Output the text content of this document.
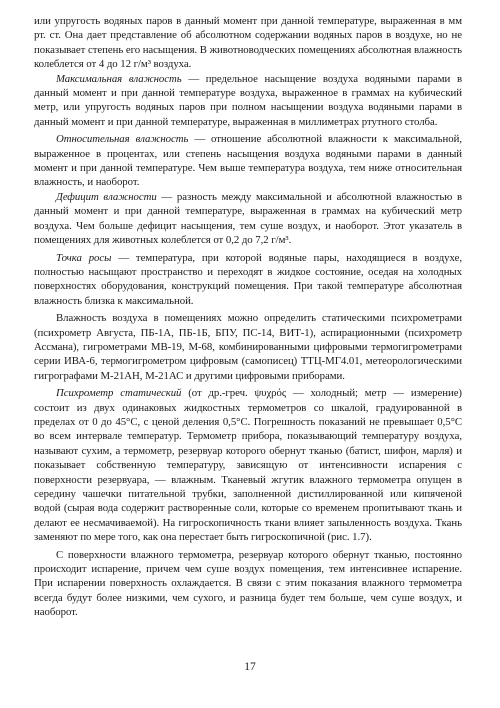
или упругость водяных паров в данный момент при данной температуре, выраженная в мм рт. ст. Она дает представление об абсолютном содержании водяных паров в воздухе, но не показывает степень его насыщения. В животноводческих помещениях абсолютная влажность колеблется от 4 до 12 г/м³ воздуха.

Максимальная влажность — предельное насыщение воздуха водяными парами в данный момент и при данной температуре воздуха, выраженное в граммах на кубический метр, или упругость водяных паров при полном насыщении воздуха водяными парами в данный момент и при данной температуре, выраженная в миллиметрах ртутного столба.

Относительная влажность — отношение абсолютной влажности к максимальной, выраженное в процентах, или степень насыщения воздуха водяными парами в данный момент и при данной температуре. Чем выше температура воздуха, тем ниже относительная влажность, и наоборот.

Дефицит влажности — разность между максимальной и абсолютной влажностью в данный момент и при данной температуре, выраженная в граммах на кубический метр воздуха. Чем больше дефицит насыщения, тем суше воздух, и наоборот. Этот указатель в помещениях для животных колеблется от 0,2 до 7,2 г/м³.

Точка росы — температура, при которой водяные пары, находящиеся в воздухе, полностью насыщают пространство и переходят в жидкое состояние, оседая на холодных поверхностях оборудования, конструкций помещения. При такой температуре абсолютная влажность близка к максимальной.

Влажность воздуха в помещениях можно определить статическими психрометрами (психрометр Августа, ПБ-1А, ПБ-1Б, БПУ, ПС-14, ВИТ-1), аспирационными (психрометр Ассмана), гигрометрами МВ-19, М-68, комбинированными цифровыми термогигрометрами серии ИВА-6, термогигрометром цифровым (самописец) ТТЦ-МГ4.01, метеорологическими гигрографами М-21АН, М-21АС и другими цифровыми приборами.

Психрометр статический (от др.-греч. ψυχρός — холодный; метр — измерение) состоит из двух одинаковых жидкостных термометров со шкалой, градуированной в пределах от 0 до 45°С, с ценой деления 0,5°С. Погрешность показаний не превышает 0,5°С во всем интервале температур. Термометр прибора, показывающий температуру воздуха, называют сухим, а термометр, резервуар которого обернут тканью (батист, шифон, марля) и показывает собственную температуру, зависящую от интенсивности испарения с поверхности резервуара, — влажным. Тканевый жгутик влажного термометра опущен в середину чашечки питательной трубки, заполненной дистиллированной или кипяченой водой (сырая вода содержит растворенные соли, которые со временем пропитывают ткань и делают ее несмачиваемой). На гигроскопичность ткани влияет запыленность воздуха. Ткань заменяют по мере того, как она перестает быть гигроскопичной (рис. 1.7).

С поверхности влажного термометра, резервуар которого обернут тканью, постоянно происходит испарение, причем чем суше воздух помещения, тем интенсивнее испарение. При испарении поверхность охлаждается. В связи с этим показания влажного термометра всегда будут более низкими, чем сухого, и разница будет тем больше, чем суше воздух, и наоборот.

17
